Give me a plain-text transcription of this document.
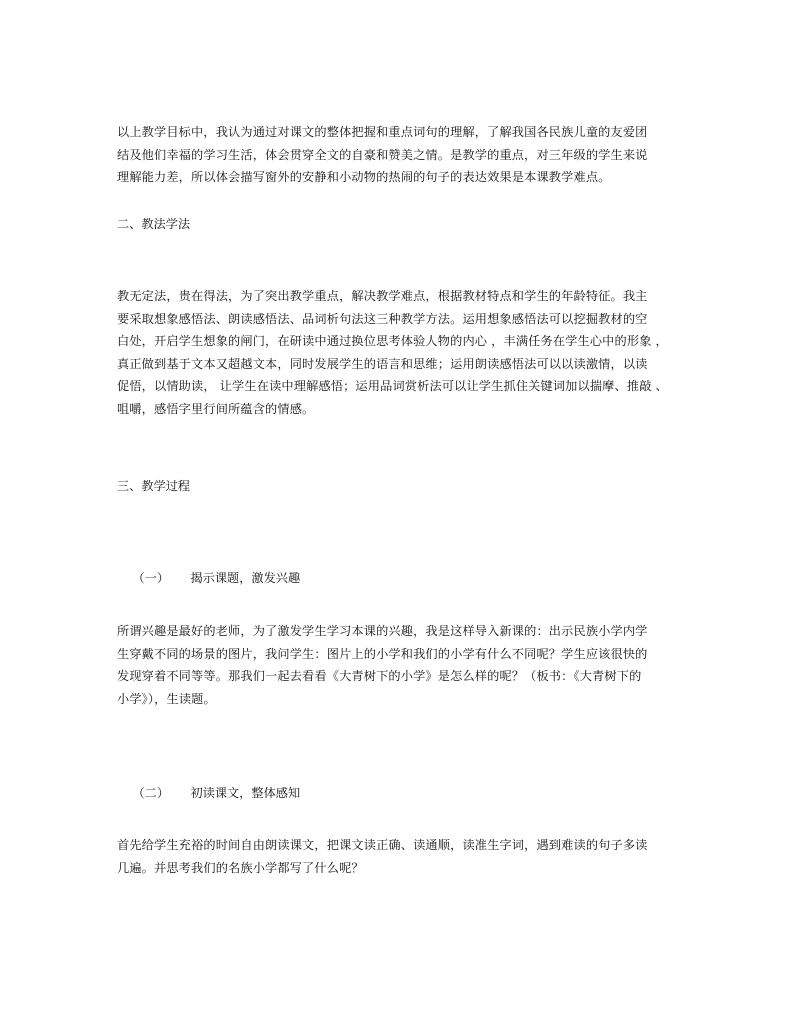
以上教学目标中，我认为通过对课文的整体把握和重点词句的理解，了解我国各民族儿童的友爱团
结及他们幸福的学习生活，体会贯穿全文的自豪和赞美之情。是教学的重点，对三年级的学生来说
理解能力差，所以体会描写窗外的安静和小动物的热闹的句子的表达效果是本课教学难点。
二、教法学法
教无定法，贵在得法，为了突出教学重点，解决教学难点，根据教材特点和学生的年龄特征。我主
要采取想象感悟法、朗读感悟法、品词析句法这三种教学方法。运用想象感悟法可以挖掘教材的空
白处，开启学生想象的闸门，在研读中通过换位思考体验人物的内心 ，丰满任务在学生心中的形象 ，
真正做到基于文本又超越文本，同时发展学生的语言和思维；运用朗读感悟法可以以读激情，以读
促悟，以情助读， 让学生在读中理解感悟；运用品词赏析法可以让学生抓住关键词加以揣摩、推敲 、
咀嚼，感悟字里行间所蕴含的情感。
三、教学过程

（一） 揭示课题，激发兴趣

所谓兴趣是最好的老师，为了激发学生学习本课的兴趣，我是这样导入新课的：出示民族小学内学
生穿戴不同的场景的图片，我问学生：图片上的小学和我们的小学有什么不同呢？学生应该很快的
发现穿着不同等等。那我们一起去看看《大青树下的小学》是怎么样的呢？（板书：《大青树下的
小学》），生读题。

（二） 初读课文，整体感知

首先给学生充裕的时间自由朗读课文，把课文读正确、读通顺，读准生字词，遇到难读的句子多读
几遍。并思考我们的名族小学都写了什么呢？
